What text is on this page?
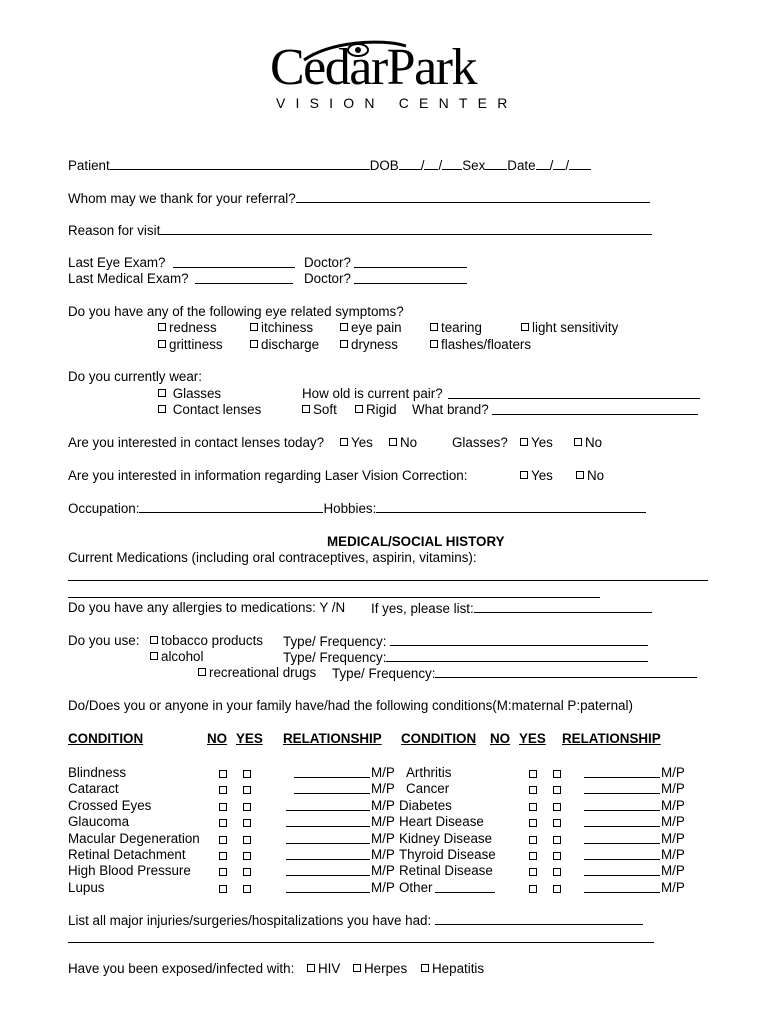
CedarPark
VISION CENTER
Patient	DOB / / Sex Date / /
Whom may we thank for your referral?
Reason for visit
Last Eye Exam?	Doctor?
Last Medical Exam?	Doctor?
Do you have any of the following eye related symptoms?
redness	itchiness	eye pain	tearing	light sensitivity
grittiness	discharge	dryness	flashes/floaters
Do you currently wear:
Glasses	How old is current pair?
Contact lenses	Soft	Rigid What brand?
Are you interested in contact lenses today?	Yes	No	Glasses?	Yes	No
Are you interested in information regarding Laser Vision Correction:	Yes	No
Occupation:	Hobbies:
MEDICAL/SOCIAL HISTORY
Current Medications (including oral contraceptives, aspirin, vitamins):
Do you have any allergies to medications: Y /N If yes, please list:
Do you use:	tobacco products Type/ Frequency:
alcohol	Type/ Frequency:
recreational drugs Type/ Frequency:
Do/Does you or anyone in your family have/had the following conditions(M:maternal P:paternal)
CONDITION	NO YES RELATIONSHIP CONDITION NO YES RELATIONSHIP
Blindness	M/P Arthritis	M/P
Cataract	M/P Cancer	M/P
Crossed Eyes	M/P Diabetes	M/P
Glaucoma	M/P Heart Disease	M/P
Macular Degeneration	M/P Kidney Disease	M/P
Retinal Detachment	M/P Thyroid Disease	M/P
High Blood Pressure	M/P Retinal Disease	M/P
Lupus	M/P Other	M/P
List all major injuries/surgeries/hospitalizations you have had:
Have you been exposed/infected with:	HIV	Herpes	Hepatitis
